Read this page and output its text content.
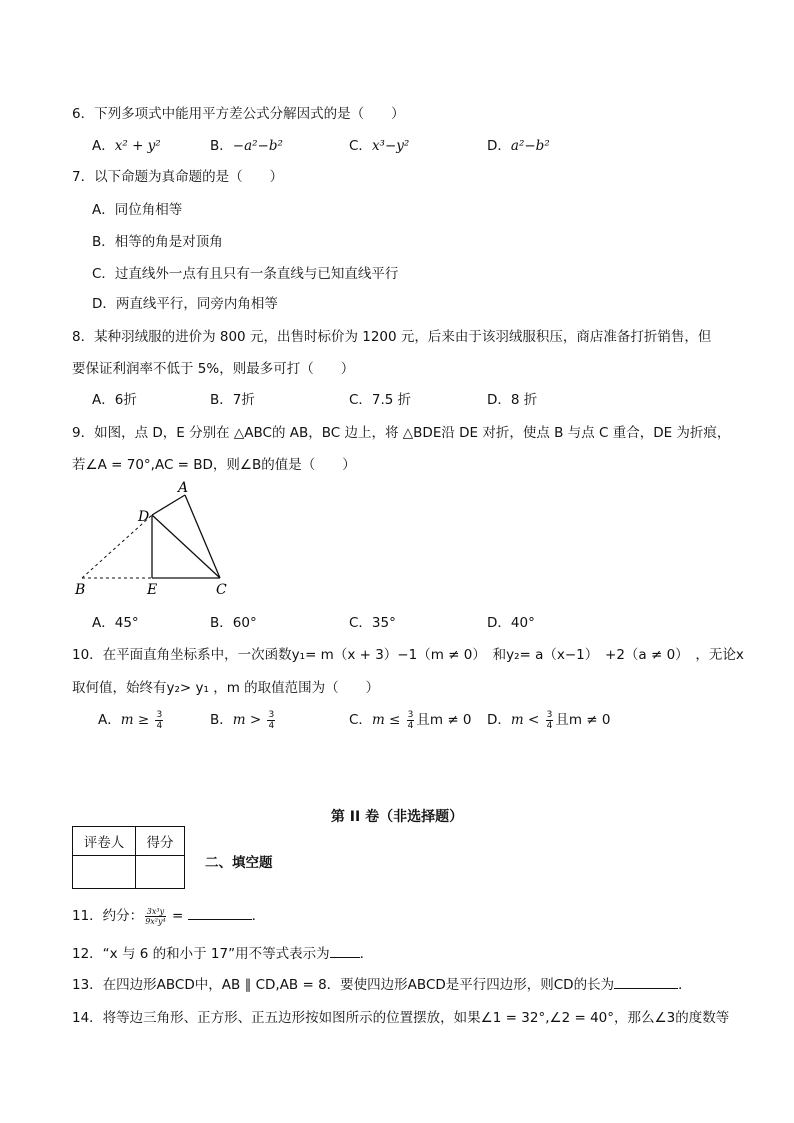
6．下列多项式中能用平方差公式分解因式的是（　　）
A．x² + y²	B．−a²−b²	C．x³−y²	D．a²−b²
7．以下命题为真命题的是（　　）
A．同位角相等
B．相等的角是对顶角
C．过直线外一点有且只有一条直线与已知直线平行
D．两直线平行，同旁内角相等
8．某种羽绒服的进价为 800 元，出售时标价为 1200 元，后来由于该羽绒服积压，商店准备打折销售，但
要保证利润率不低于 5%，则最多可打（　　）
A．6折	B．7折	C．7.5 折	D．8 折
9．如图，点 D，E 分别在 △ABC的 AB，BC 边上，将 △BDE沿 DE 对折，使点 B 与点 C 重合，DE 为折痕，
若∠A = 70°,AC = BD，则∠B的值是（　　）
A
D
B	E	C
A．45°	B．60°	C．35°	D．40°
10．在平面直角坐标系中，一次函数y₁= m（x + 3）−1（m ≠ 0）　和y₂= a（x−1）　+2（a ≠ 0）　，无论x
取何值，始终有y₂> y₁ ，m 的取值范围为（　　）
A．$m \ge \frac{3}{4}$	B．$m > \frac{3}{4}$	C．$m \le \frac{3}{4}$ 且m ≠ 0 D．$m < \frac{3}{4}$ 且m ≠ 0
第 II 卷（非选择题）
评卷人	得分

二、填空题
11．约分： $\frac{\text{3x³y}}{\text{9x²y⁴}}$ =	．
12．“x 与 6 的和小于 17”用不等式表示为 ．
13．在四边形ABCD中，AB ∥ CD,AB = 8．要使四边形ABCD是平行四边形，则CD的长为	．
14．将等边三角形、正方形、正五边形按如图所示的位置摆放，如果∠1 = 32°,∠2 = 40°，那么∠3的度数等
